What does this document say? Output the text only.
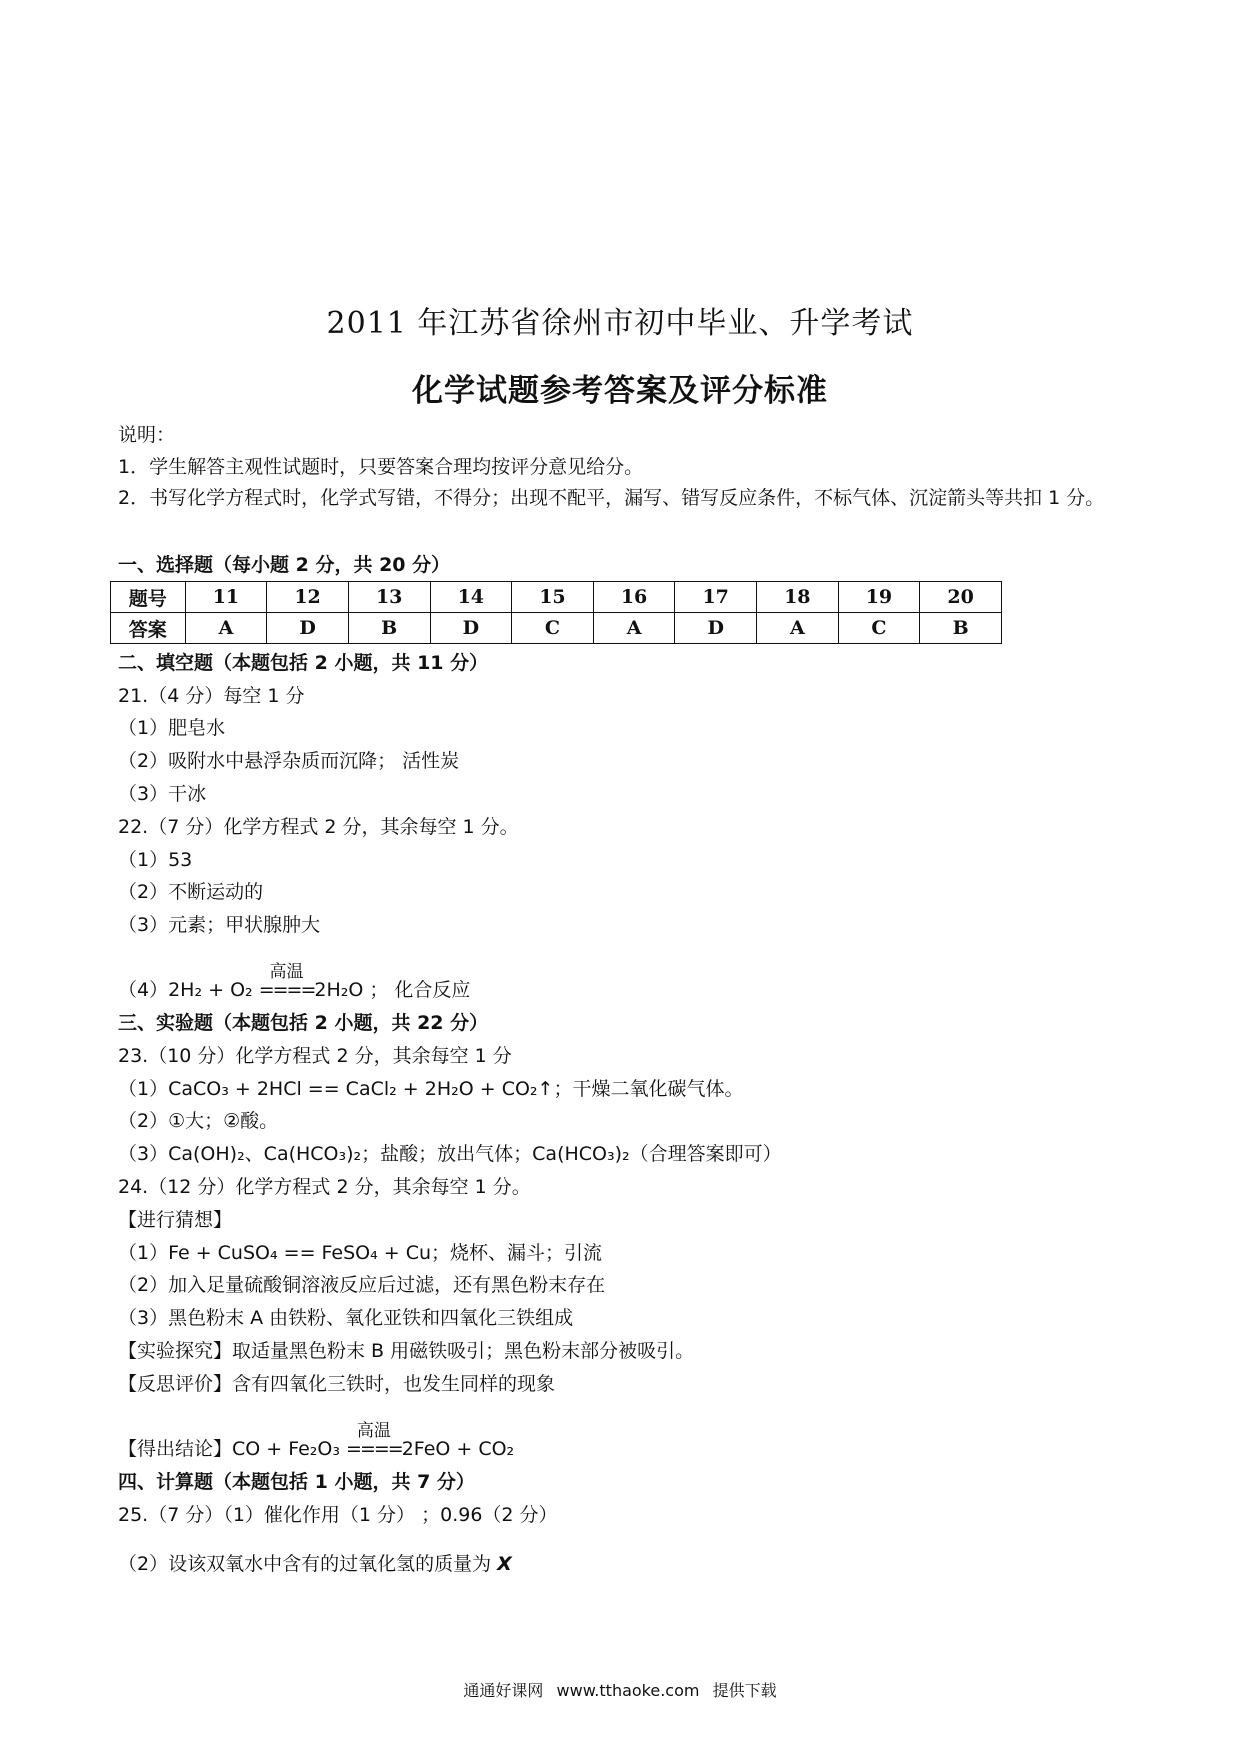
2011 年江苏省徐州市初中毕业、升学考试
化学试题参考答案及评分标准
说明：
1．学生解答主观性试题时，只要答案合理均按评分意见给分。
2．书写化学方程式时，化学式写错，不得分；出现不配平，漏写、错写反应条件，不标气体、沉淀箭头等共扣 1 分。
一、选择题（每小题 2 分，共 20 分）
题号	11	12	13	14	15	16	17	18	19	20
答案	A	D	B	D	C	A	D	A	C	B
二、填空题（本题包括 2 小题，共 11 分）
21.（4 分）每空 1 分
（1）肥皂水
（2）吸附水中悬浮杂质而沉降； 活性炭
（3）干冰
22.（7 分）化学方程式 2 分，其余每空 1 分。
（1）53
（2）不断运动的
（3）元素；甲状腺肿大
（4）2H₂ + O₂
高温
====2H₂O ； 化合反应
三、实验题（本题包括 2 小题，共 22 分）
23.（10 分）化学方程式 2 分，其余每空 1 分
（1）CaCO₃ + 2HCl == CaCl₂ + 2H₂O + CO₂↑；干燥二氧化碳气体。
（2）①大；②酸。
（3）Ca(OH)₂、Ca(HCO₃)₂；盐酸；放出气体；Ca(HCO₃)₂（合理答案即可）
24.（12 分）化学方程式 2 分，其余每空 1 分。
【进行猜想】
（1）Fe + CuSO₄ == FeSO₄ + Cu；烧杯、漏斗；引流
（2）加入足量硫酸铜溶液反应后过滤，还有黑色粉末存在
（3）黑色粉末 A 由铁粉、氧化亚铁和四氧化三铁组成
【实验探究】取适量黑色粉末 B 用磁铁吸引；黑色粉末部分被吸引。
【反思评价】含有四氧化三铁时，也发生同样的现象
【得出结论】CO + Fe₂O₃
高温
====2FeO + CO₂
四、计算题（本题包括 1 小题，共 7 分）
25.（7 分）（1）催化作用（1 分） ；0.96（2 分）
（2）设该双氧水中含有的过氧化氢的质量为 X
通通好课网 www.tthaoke.com 提供下载
